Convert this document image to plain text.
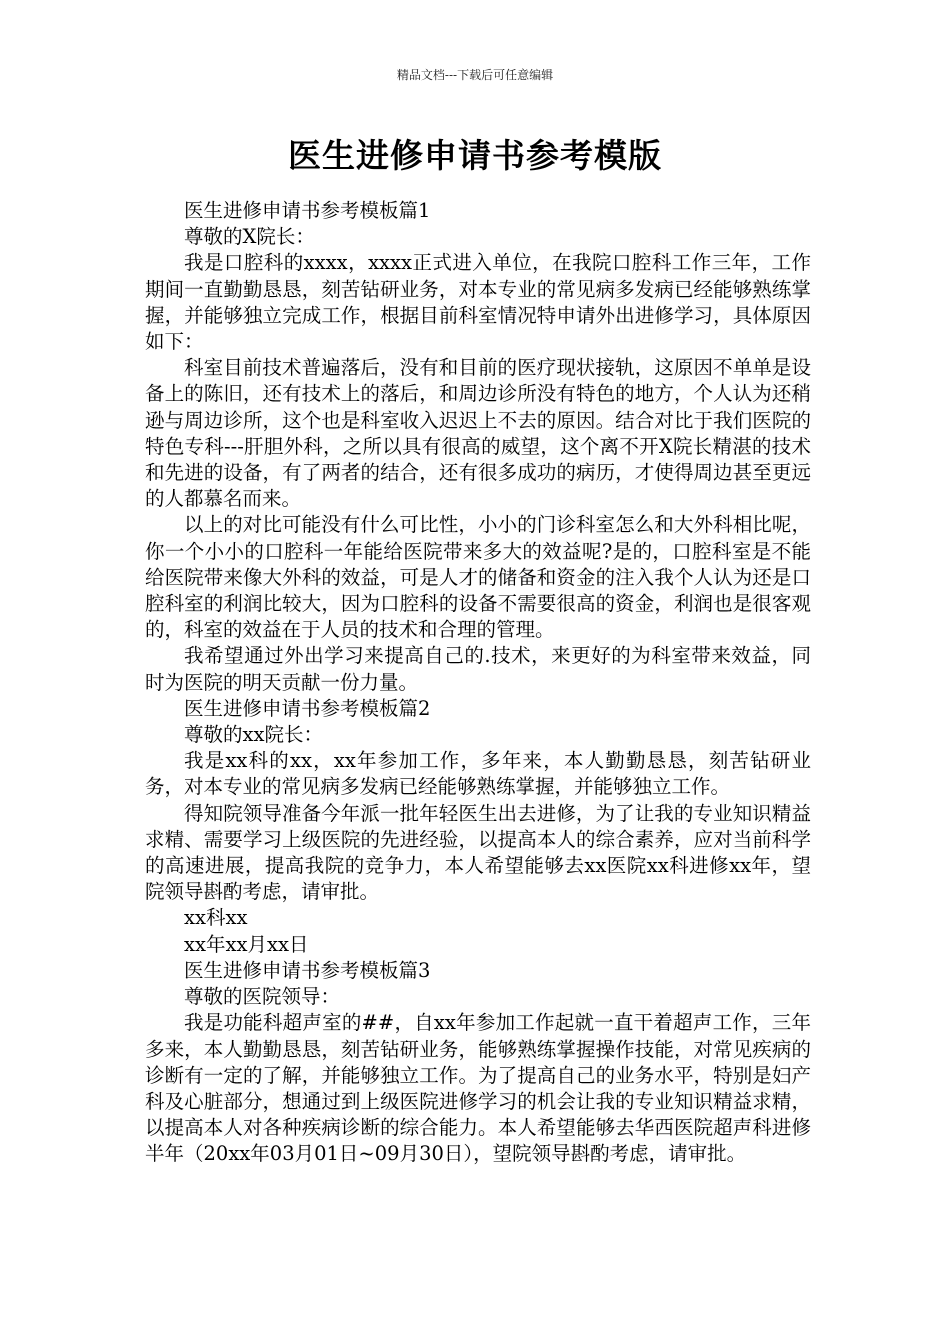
精品文档---下载后可任意编辑
医生进修申请书参考模版

医生进修申请书参考模板篇1

尊敬的X院长：

我是口腔科的xxxx，xxxx正式进入单位，在我院口腔科工作三年，工作期间一直勤勤恳恳，刻苦钻研业务，对本专业的常见病多发病已经能够熟练掌握，并能够独立完成工作，根据目前科室情况特申请外出进修学习，具体原因如下：

科室目前技术普遍落后，没有和目前的医疗现状接轨，这原因不单单是设备上的陈旧，还有技术上的落后，和周边诊所没有特色的地方，个人认为还稍逊与周边诊所，这个也是科室收入迟迟上不去的原因。结合对比于我们医院的特色专科---肝胆外科，之所以具有很高的威望，这个离不开X院长精湛的技术和先进的设备，有了两者的结合，还有很多成功的病历，才使得周边甚至更远的人都慕名而来。

以上的对比可能没有什么可比性，小小的门诊科室怎么和大外科相比呢，你一个小小的口腔科一年能给医院带来多大的效益呢?是的，口腔科室是不能给医院带来像大外科的效益，可是人才的储备和资金的注入我个人认为还是口腔科室的利润比较大，因为口腔科的设备不需要很高的资金，利润也是很客观的，科室的效益在于人员的技术和合理的管理。

我希望通过外出学习来提高自己的.技术，来更好的为科室带来效益，同时为医院的明天贡献一份力量。

医生进修申请书参考模板篇2

尊敬的xx院长：

我是xx科的xx，xx年参加工作，多年来，本人勤勤恳恳，刻苦钻研业务，对本专业的常见病多发病已经能够熟练掌握，并能够独立工作。

得知院领导准备今年派一批年轻医生出去进修，为了让我的专业知识精益求精、需要学习上级医院的先进经验，以提高本人的综合素养，应对当前科学的高速进展，提高我院的竞争力，本人希望能够去xx医院xx科进修xx年，望院领导斟酌考虑，请审批。

xx科xx

xx年xx月xx日

医生进修申请书参考模板篇3

尊敬的医院领导：

我是功能科超声室的##，自xx年参加工作起就一直干着超声工作，三年多来，本人勤勤恳恳，刻苦钻研业务，能够熟练掌握操作技能，对常见疾病的诊断有一定的了解，并能够独立工作。为了提高自己的业务水平，特别是妇产科及心脏部分，想通过到上级医院进修学习的机会让我的专业知识精益求精，以提高本人对各种疾病诊断的综合能力。本人希望能够去华西医院超声科进修半年（20xx年03月01日~09月30日），望院领导斟酌考虑，请审批。
